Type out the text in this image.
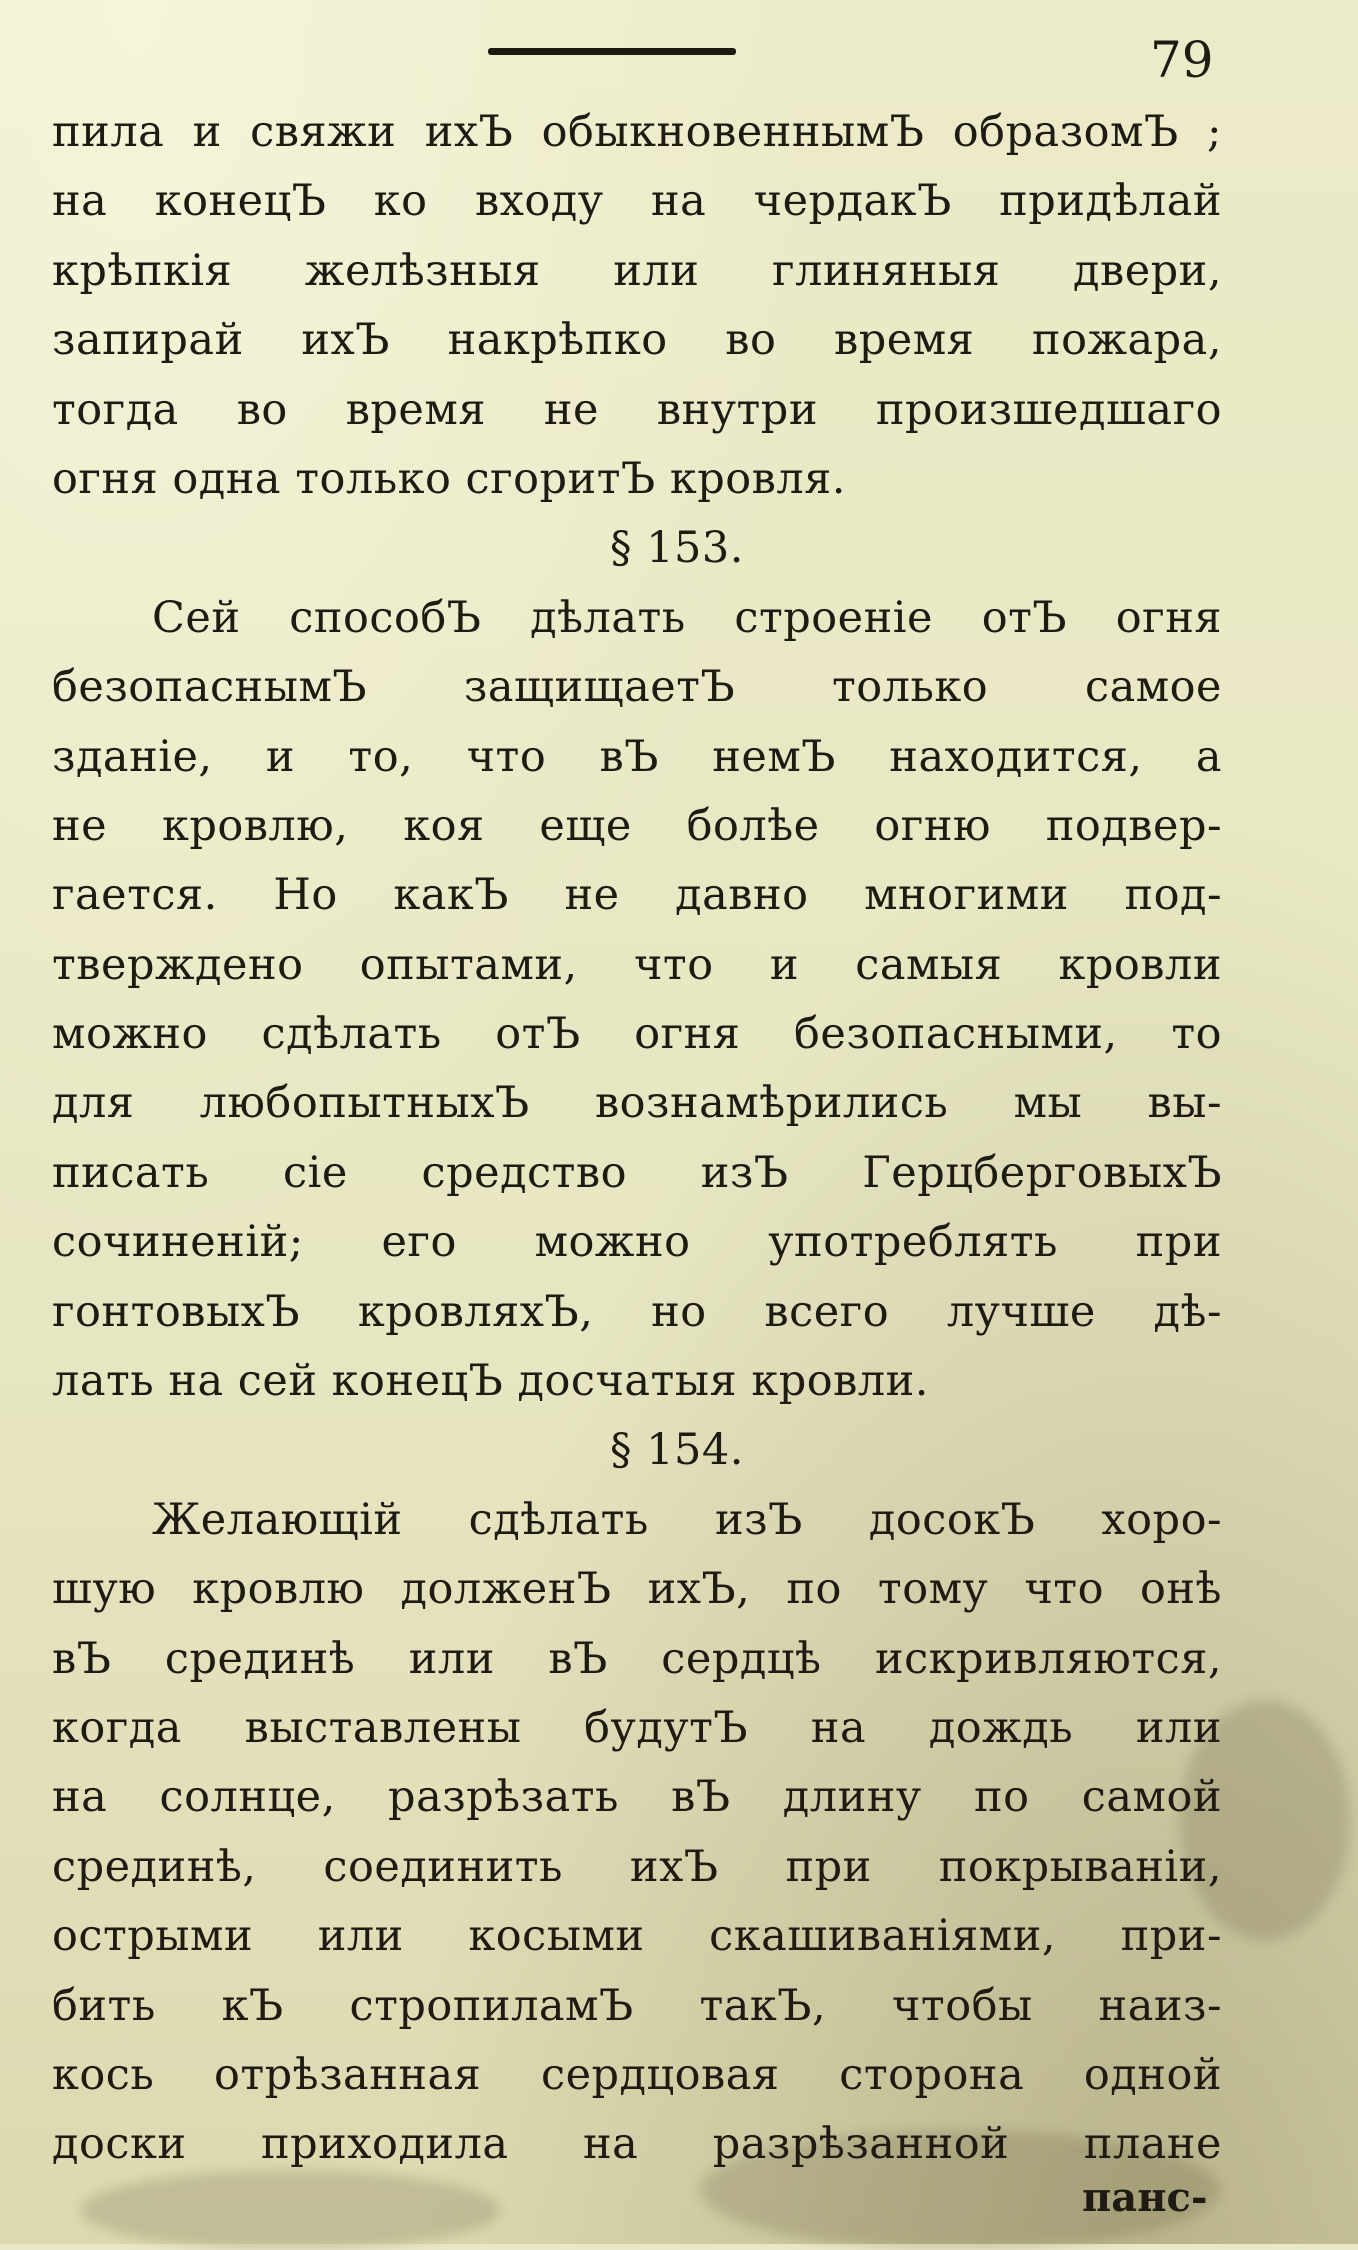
79
пила и свяжи ихЪ обыкновеннымЪ образомЪ ;
на конецЪ ко входу на чердакЪ придѣлай
крѣпкія желѣзныя или глиняныя двери,
запирай ихЪ накрѣпко во время пожара,
тогда во время не внутри произшедшаго
огня одна только сгоритЪ кровля.
§ 153.
Сей способЪ дѣлать строеніе отЪ огня
безопаснымЪ защищаетЪ только самое
зданіе, и то, что вЪ немЪ находится, а
не кровлю, коя еще болѣе огню подвер-
гается. Но какЪ не давно многими под-
тверждено опытами, что и самыя кровли
можно сдѣлать отЪ огня безопасными, то
для любопытныхЪ вознамѣрились мы вы-
писать сіе средство изЪ ГерцберговыхЪ
сочиненій; его можно употреблять при
гонтовыхЪ кровляхЪ, но всего лучше дѣ-
лать на сей конецЪ досчатыя кровли.
§ 154.
Желающій сдѣлать изЪ досокЪ хоро-
шую кровлю долженЪ ихЪ, по тому что онѣ
вЪ срединѣ или вЪ сердцѣ искривляются,
когда выставлены будутЪ на дождь или
на солнце, разрѣзать вЪ длину по самой
срединѣ, соединить ихЪ при покрываніи,
острыми или косыми скашиваніями, при-
бить кЪ стропиламЪ такЪ, чтобы наиз-
кось отрѣзанная сердцовая сторона одной
доски приходила на разрѣзанной плане
панс-
